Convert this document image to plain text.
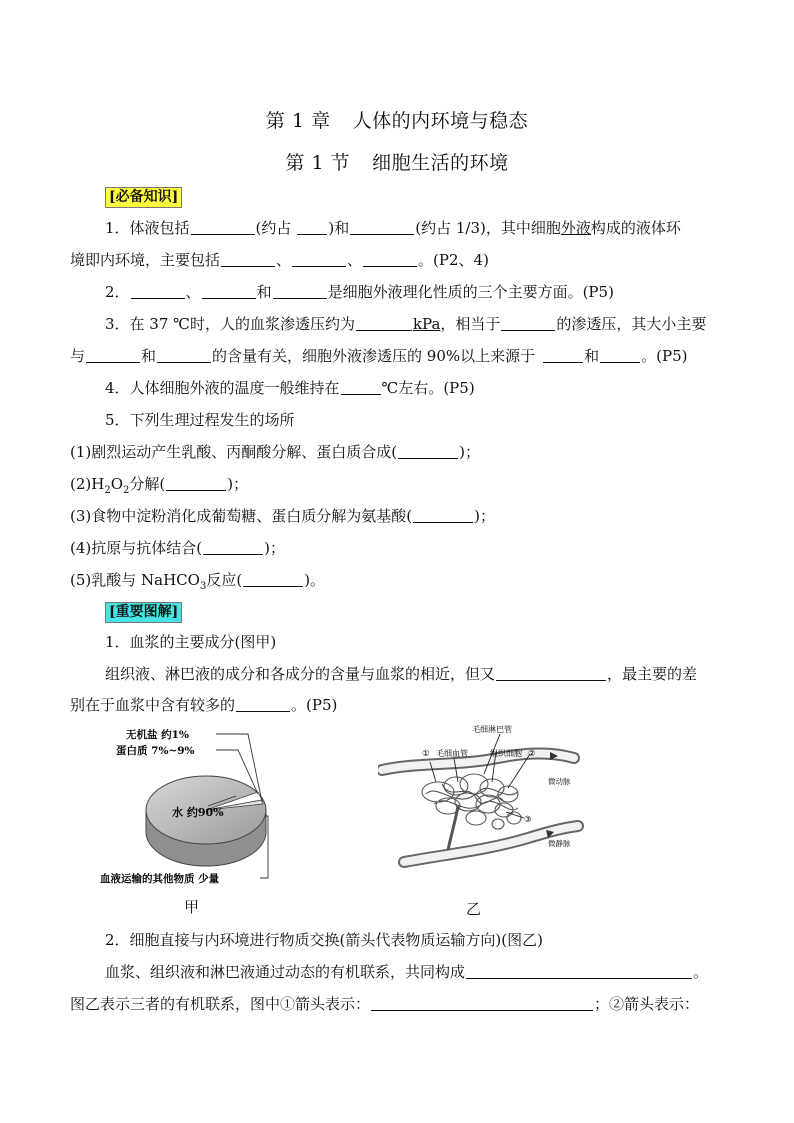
第 1 章 人体的内环境与稳态
第 1 节 细胞生活的环境
[必备知识]
1．体液包括	(约占 )和	(约占 1/3)，其中细胞外液构成的液体环
境即内环境，主要包括	、	、	。(P2、4)
2．	、	和	是细胞外液理化性质的三个主要方面。(P5)
3．在 37 ℃时，人的血浆渗透压约为	kPa，相当于	的渗透压，其大小主要
与	和	的含量有关，细胞外液渗透压的 90%以上来源于	和	。(P5)
4．人体细胞外液的温度一般维持在	℃左右。(P5)
5．下列生理过程发生的场所
(1)剧烈运动产生乳酸、丙酮酸分解、蛋白质合成(	)；
$(2)H_2O_2$分解(	)；
(3)食物中淀粉消化成葡萄糖、蛋白质分解为氨基酸(	)；
(4)抗原与抗体结合(	)；
(5)乳酸与 NaHCO$_3$反应(	)。
[重要图解]
1．血浆的主要成分(图甲)
组织液、淋巴液的成分和各成分的含量与血浆的相近，但又	，最主要的差
别在于血浆中含有较多的	。(P5)
无机盐 约1%
蛋白质 7%~9%
水 约90%
血液运输的其他物质 少量
甲
毛细淋巴管
① 毛细血管	组织细胞 ②
微动脉
③
微静脉
乙
2．细胞直接与内环境进行物质交换(箭头代表物质运输方向)(图乙)
血浆、组织液和淋巴液通过动态的有机联系，共同构成	。
图乙表示三者的有机联系，图中①箭头表示：	；②箭头表示：
